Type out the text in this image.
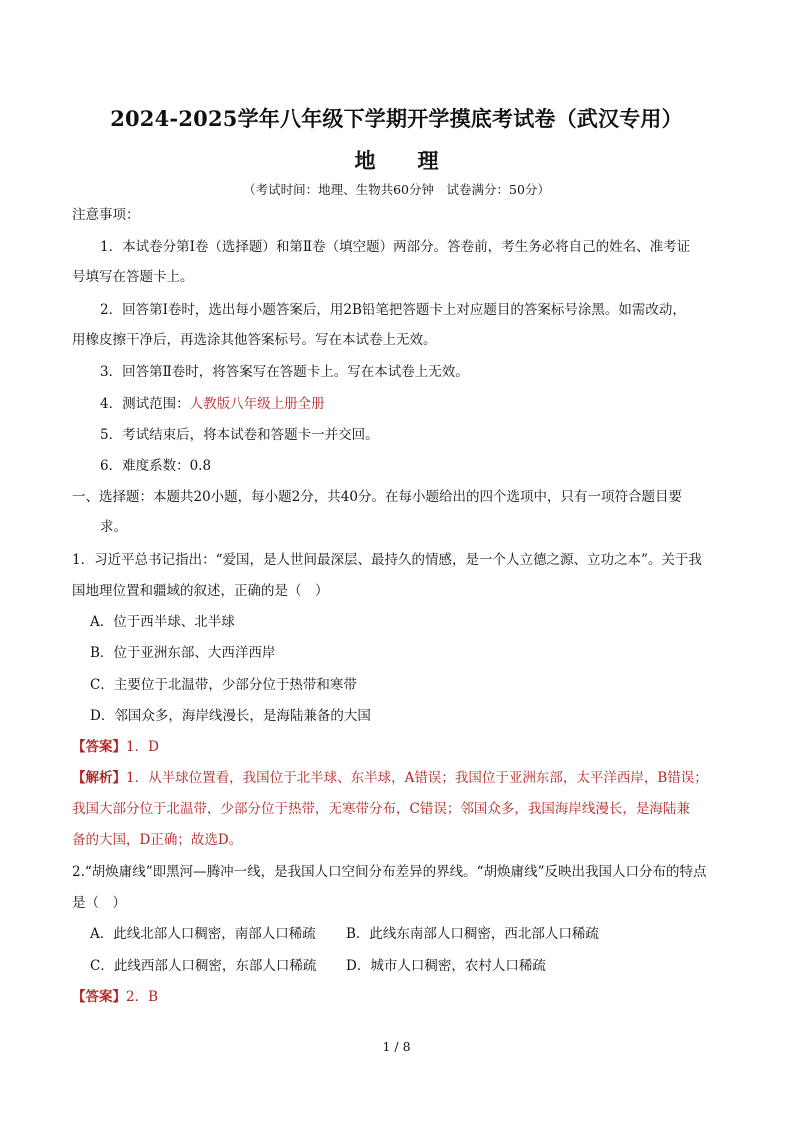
2024-2025学年八年级下学期开学摸底考试卷（武汉专用）
地 理
（考试时间：地理、生物共60分钟　试卷满分：50分）
注意事项：
1．本试卷分第Ⅰ卷（选择题）和第Ⅱ卷（填空题）两部分。答卷前，考生务必将自己的姓名、准考证
号填写在答题卡上。
2．回答第Ⅰ卷时，选出每小题答案后，用2B铅笔把答题卡上对应题目的答案标号涂黑。如需改动，
用橡皮擦干净后，再选涂其他答案标号。写在本试卷上无效。
3．回答第Ⅱ卷时，将答案写在答题卡上。写在本试卷上无效。
4．测试范围：人教版八年级上册全册
5．考试结束后，将本试卷和答题卡一并交回。
6．难度系数：0.8
一、选择题：本题共20小题，每小题2分，共40分。在每小题给出的四个选项中，只有一项符合题目要
求。
1．习近平总书记指出：“爱国，是人世间最深层、最持久的情感，是一个人立德之源、立功之本”。关于我
国地理位置和疆域的叙述，正确的是（　）
A．位于西半球、北半球
B．位于亚洲东部、大西洋西岸
C．主要位于北温带，少部分位于热带和寒带
D．邻国众多，海岸线漫长，是海陆兼备的大国
【答案】1．D
【解析】1．从半球位置看，我国位于北半球、东半球，A错误；我国位于亚洲东部，太平洋西岸，B错误；
我国大部分位于北温带，少部分位于热带，无寒带分布，C错误；邻国众多，我国海岸线漫长，是海陆兼
备的大国，D正确；故选D。
2.“胡焕庸线”即黑河—腾冲一线，是我国人口空间分布差异的界线。“胡焕庸线”反映出我国人口分布的特点
是（　）
A．此线北部人口稠密，南部人口稀疏 B．此线东南部人口稠密，西北部人口稀疏
C．此线西部人口稠密，东部人口稀疏 D．城市人口稠密，农村人口稀疏
【答案】2．B
1 / 8
